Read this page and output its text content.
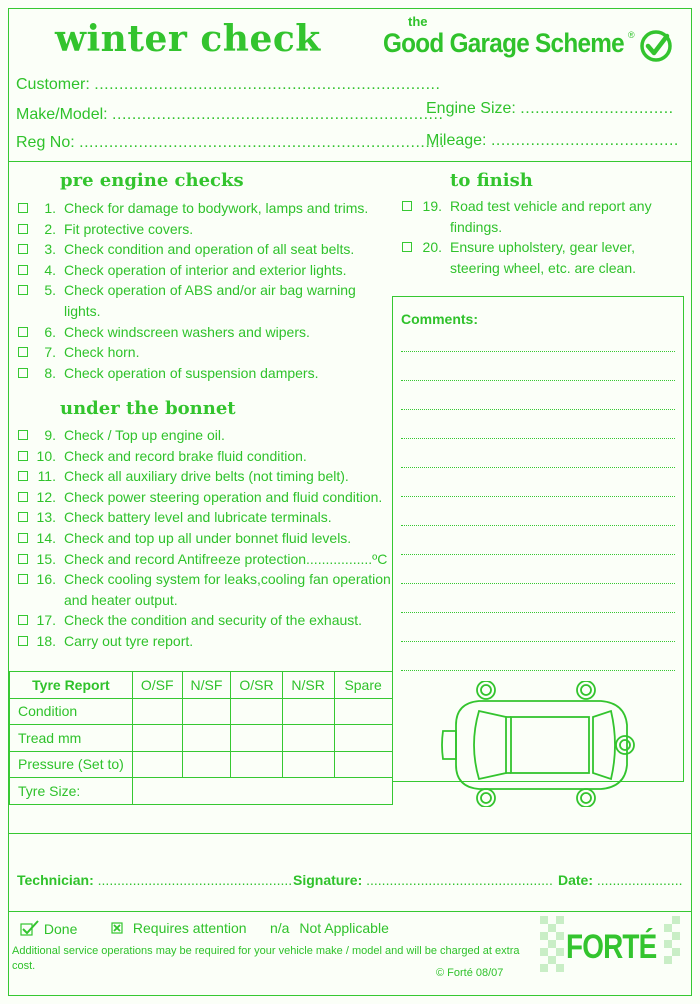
winter check	the
Good Garage Scheme ®
Customer: ......................................................................
Make/Model: ...................................................................
Reg No: ..........................................................................
Engine Size: ...............................
Mileage: ......................................
pre engine checks
under the bonnet
to finish
1. Check for damage to bodywork, lamps and trims.
2. Fit protective covers.
3. Check condition and operation of all seat belts.
4. Check operation of interior and exterior lights.
5. Check operation of ABS and/or air bag warning
lights.
6. Check windscreen washers and wipers.
7. Check horn.
8. Check operation of suspension dampers.
9. Check / Top up engine oil.
10. Check and record brake fluid condition.
11. Check all auxiliary drive belts (not timing belt).
12. Check power steering operation and fluid condition.
13. Check battery level and lubricate terminals.
14. Check and top up all under bonnet fluid levels.
15. Check and record Antifreeze protection.................ºC
16. Check cooling system for leaks,cooling fan operation
and heater output.
17. Check the condition and security of the exhaust.
18. Carry out tyre report.
19. Road test vehicle and report any
findings.
20. Ensure upholstery, gear lever,
steering wheel, etc. are clean.
Comments:
Tyre Report	O/SF	N/SF	O/SR	N/SR	Spare
Condition					
Tread mm					
Pressure (Set to)					
Tyre Size:					
Technician: .................................................. Signature: ................................................ Date: ......................
Done	Requires attention n/a Not Applicable
Additional service operations may be required for your vehicle make / model and will be charged at extra cost.
© Forté 08/07
FORTÉ
